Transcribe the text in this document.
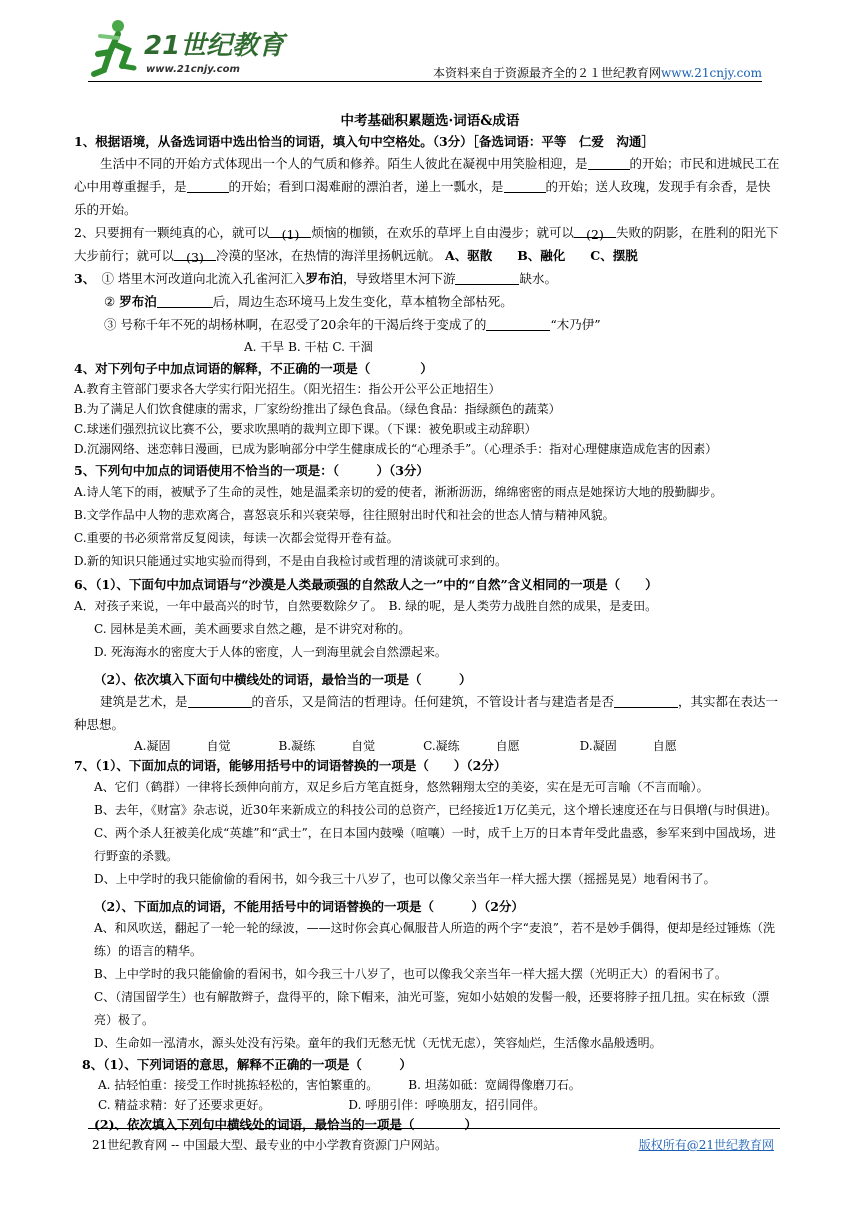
21世纪教育
www.21cnjy.com	本资料来自于资源最齐全的２１世纪教育网www.21cnjy.com
中考基础积累题选·词语&成语

1、根据语境，从备选词语中选出恰当的词语，填入句中空格处。（3分）［备选词语：平等　仁爱　沟通］

生活中不同的开始方式体现出一个人的气质和修养。陌生人彼此在凝视中用笑脸相迎，是	的开始；市民和进城民工在心中用尊重握手，是	的开始；看到口渴难耐的漂泊者，递上一瓢水，是	的开始；送人玫瑰，发现手有余香，是快乐的开始。

2、只要拥有一颗纯真的心，就可以 (1) 烦恼的枷锁，在欢乐的草坪上自由漫步；就可以 (2) 失败的阴影，在胜利的阳光下大步前行；就可以 (3) 冷漠的坚冰，在热情的海洋里扬帆远航。 A、驱散　　B、融化　　C、摆脱

3、　 ① 塔里木河改道向北流入孔雀河汇入罗布泊，导致塔里木河下游	缺水。

② 罗布泊	后，周边生态环境马上发生变化，草本植物全部枯死。

③ 号称千年不死的胡杨林啊，在忍受了20余年的干渴后终于变成了的	“木乃伊”

A. 干旱 B. 干枯 C. 干涸

4、对下列句子中加点词语的解释，不正确的一项是（　　　　）

A.教育主管部门要求各大学实行阳光招生。（阳光招生：指公开公平公正地招生）

B.为了满足人们饮食健康的需求，厂家纷纷推出了绿色食品。（绿色食品：指绿颜色的蔬菜）

C.球迷们强烈抗议比赛不公，要求吹黑哨的裁判立即下课。（下课：被免职或主动辞职）

D.沉溺网络、迷恋韩日漫画，已成为影响部分中学生健康成长的“心理杀手”。（心理杀手：指对心理健康造成危害的因素）

5、下列句中加点的词语使用不恰当的一项是：（　　　）（3分）

A.诗人笔下的雨，被赋予了生命的灵性，她是温柔亲切的爱的使者，淅淅沥沥，绵绵密密的雨点是她探访大地的殷勤脚步。

B.文学作品中人物的悲欢离合，喜怒哀乐和兴衰荣辱，往往照射出时代和社会的世态人情与精神风貌。

C.重要的书必须常常反复阅读，每读一次都会觉得开卷有益。

D.新的知识只能通过实地实验而得到，不是由自我检讨或哲理的清谈就可求到的。

6、（1）、下面句中加点词语与“沙漠是人类最顽强的自然敌人之一”中的“自然”含义相同的一项是（　　）

A．对孩子来说，一年中最高兴的时节，自然要数除夕了。　B. 绿的呢，是人类劳力战胜自然的成果，是麦田。

C. 园林是美术画，美术画要求自然之趣，是不讲究对称的。

D. 死海海水的密度大于人体的密度，人一到海里就会自然漂起来。

（2）、依次填入下面句中横线处的词语，最恰当的一项是（　　　）

建筑是艺术，是	的音乐，又是简洁的哲理诗。任何建筑，不管设计者与建造者是否	，其实都在表达一种思想。

A.凝固　　　自觉　　　　B.凝练　　　自觉　　　　C.凝练　　　自愿　　　　　D.凝固　　　自愿

7、（1）、下面加点的词语，能够用括号中的词语替换的一项是（　　）（2分）

A、它们（鹤群）一律将长颈伸向前方，双足乡后方笔直挺身，悠然翱翔太空的美姿，实在是无可言喻（不言而喻）。

B、去年，《财富》杂志说，近30年来新成立的科技公司的总资产，已经接近1万亿美元，这个增长速度还在与日俱增(与时俱进)。

C、两个杀人狂被美化成“英雄”和“武士”，在日本国内鼓噪（喧嚷）一时，成千上万的日本青年受此蛊惑，参军来到中国战场，进行野蛮的杀戮。

D、上中学时的我只能偷偷的看闲书，如今我三十八岁了，也可以像父亲当年一样大摇大摆（摇摇晃晃）地看闲书了。

（2）、下面加点的词语，不能用括号中的词语替换的一项是（　　　）（2分）

A、和风吹送，翻起了一轮一轮的绿波，——这时你会真心佩服昔人所造的两个字“麦浪”，若不是妙手偶得，便却是经过锤炼（洗练）的语言的精华。

B、上中学时的我只能偷偷的看闲书，如今我三十八岁了，也可以像我父亲当年一样大摇大摆（光明正大）的看闲书了。

C、（清国留学生）也有解散辫子，盘得平的，除下帽来，油光可鉴，宛如小姑娘的发髻一般，还要将脖子扭几扭。实在标致（漂亮）极了。

D、生命如一泓清水，源头处没有污染。童年的我们无愁无忧（无忧无虑），笑容灿烂，生活像水晶般透明。

8、（1）、下列词语的意思，解释不正确的一项是（　　　）

A. 拈轻怕重：接受工作时挑拣轻松的，害怕繁重的。　　　B. 坦荡如砥：宽阔得像磨刀石。

C. 精益求精：好了还要求更好。　　　　　　　D. 呼朋引伴：呼唤朋友，招引同伴。

(2)、依次填入下列句中横线处的词语，最恰当的一项是（　　　　）

21世纪教育网 -- 中国最大型、最专业的中小学教育资源门户网站。	版权所有@21世纪教育网
